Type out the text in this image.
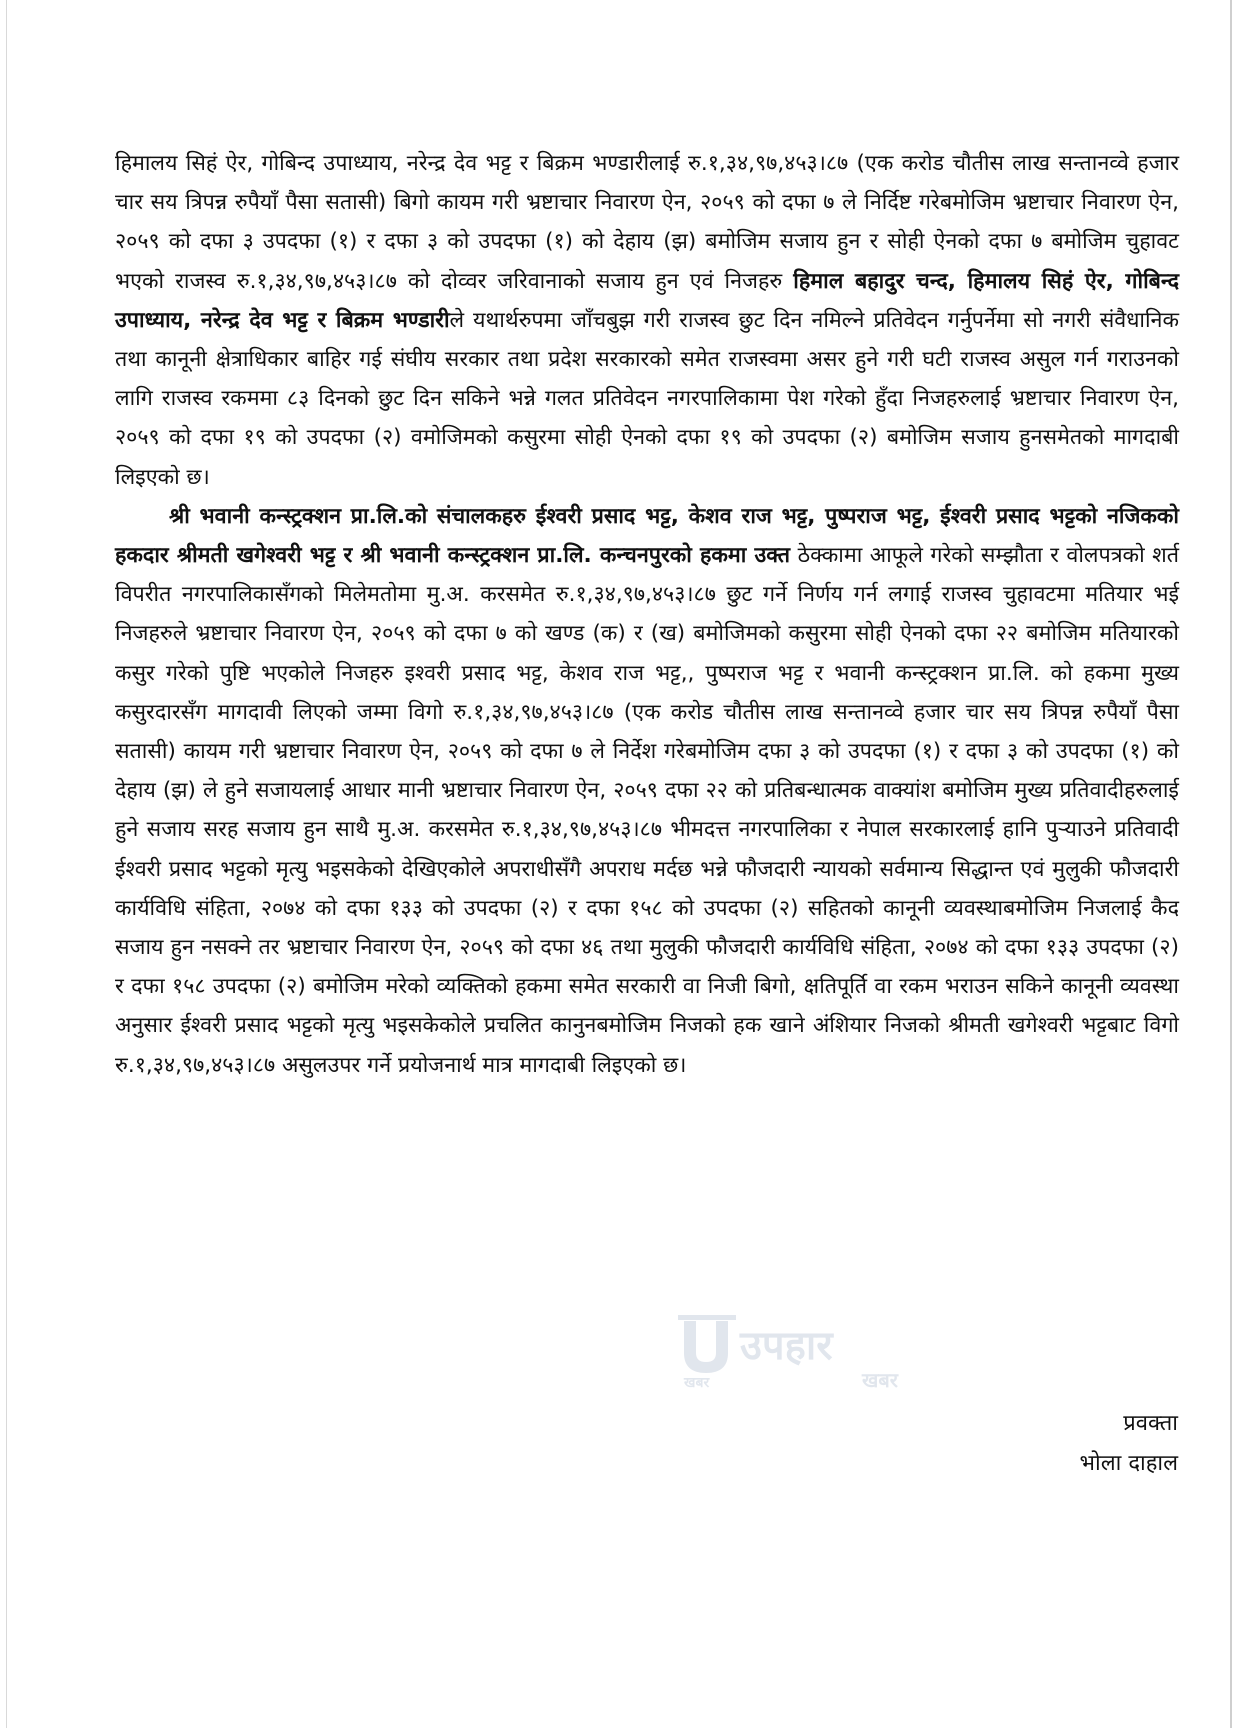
हिमालय सिहं ऐर, गोबिन्द उपाध्याय, नरेन्द्र देव भट्ट र बिक्रम भण्डारीलाई रु.१,३४,९७,४५३।८७ (एक करोड चौतीस लाख सन्तानव्वे हजार चार सय त्रिपन्न रुपैयाँ पैसा सतासी) बिगो कायम गरी भ्रष्टाचार निवारण ऐन, २०५९ को दफा ७ ले निर्दिष्ट गरेबमोजिम भ्रष्टाचार निवारण ऐन, २०५९ को दफा ३ उपदफा (१) र दफा ३ को उपदफा (१) को देहाय (झ) बमोजिम सजाय हुन र सोही ऐनको दफा ७ बमोजिम चुहावट भएको राजस्व रु.१,३४,९७,४५३।८७ को दोव्वर जरिवानाको सजाय हुन एवं निजहरु हिमाल बहादुर चन्द, हिमालय सिहं ऐर, गोबिन्द उपाध्याय, नरेन्द्र देव भट्ट र बिक्रम भण्डारीले यथार्थरुपमा जाँचबुझ गरी राजस्व छुट दिन नमिल्ने प्रतिवेदन गर्नुपर्नेमा सो नगरी संवैधानिक तथा कानूनी क्षेत्राधिकार बाहिर गई संघीय सरकार तथा प्रदेश सरकारको समेत राजस्वमा असर हुने गरी घटी राजस्व असुल गर्न गराउनको लागि राजस्व रकममा ८३ दिनको छुट दिन सकिने भन्ने गलत प्रतिवेदन नगरपालिकामा पेश गरेको हुँदा निजहरुलाई भ्रष्टाचार निवारण ऐन, २०५९ को दफा १९ को उपदफा (२) वमोजिमको कसुरमा सोही ऐनको दफा १९ को उपदफा (२) बमोजिम सजाय हुनसमेतको मागदाबी लिइएको छ।

श्री भवानी कन्स्ट्रक्शन प्रा.लि.को संचालकहरु ईश्वरी प्रसाद भट्ट, केशव राज भट्ट, पुष्पराज भट्ट, ईश्वरी प्रसाद भट्टको नजिकको हकदार श्रीमती खगेश्वरी भट्ट र श्री भवानी कन्स्ट्रक्शन प्रा.लि. कन्चनपुरको हकमा उक्त ठेक्कामा आफूले गरेको सम्झौता र वोलपत्रको शर्त विपरीत नगरपालिकासँगको मिलेमतोमा मु.अ. करसमेत रु.१,३४,९७,४५३।८७ छुट गर्ने निर्णय गर्न लगाई राजस्व चुहावटमा मतियार भई निजहरुले भ्रष्टाचार निवारण ऐन, २०५९ को दफा ७ को खण्ड (क) र (ख) बमोजिमको कसुरमा सोही ऐनको दफा २२ बमोजिम मतियारको कसुर गरेको पुष्टि भएकोले निजहरु इश्वरी प्रसाद भट्ट, केशव राज भट्ट,, पुष्पराज भट्ट र भवानी कन्स्ट्रक्शन प्रा.लि. को हकमा मुख्य कसुरदारसँग मागदावी लिएको जम्मा विगो रु.१,३४,९७,४५३।८७ (एक करोड चौतीस लाख सन्तानव्वे हजार चार सय त्रिपन्न रुपैयाँ पैसा सतासी) कायम गरी भ्रष्टाचार निवारण ऐन, २०५९ को दफा ७ ले निर्देश गरेबमोजिम दफा ३ को उपदफा (१) र दफा ३ को उपदफा (१) को देहाय (झ) ले हुने सजायलाई आधार मानी भ्रष्टाचार निवारण ऐन, २०५९ दफा २२ को प्रतिबन्धात्मक वाक्यांश बमोजिम मुख्य प्रतिवादीहरुलाई हुने सजाय सरह सजाय हुन साथै मु.अ. करसमेत रु.१,३४,९७,४५३।८७ भीमदत्त नगरपालिका र नेपाल सरकारलाई हानि पुर्‍याउने प्रतिवादी ईश्वरी प्रसाद भट्टको मृत्यु भइसकेको देखिएकोले अपराधीसँगै अपराध मर्दछ भन्ने फौजदारी न्यायको सर्वमान्य सिद्धान्त एवं मुलुकी फौजदारी कार्यविधि संहिता, २०७४ को दफा १३३ को उपदफा (२) र दफा १५८ को उपदफा (२) सहितको कानूनी व्यवस्थाबमोजिम निजलाई कैद सजाय हुन नसक्ने तर भ्रष्टाचार निवारण ऐन, २०५९ को दफा ४६ तथा मुलुकी फौजदारी कार्यविधि संहिता, २०७४ को दफा १३३ उपदफा (२) र दफा १५८ उपदफा (२) बमोजिम मरेको व्यक्तिको हकमा समेत सरकारी वा निजी बिगो, क्षतिपूर्ति वा रकम भराउन सकिने कानूनी व्यवस्था अनुसार ईश्वरी प्रसाद भट्टको मृत्यु भइसकेकोले प्रचलित कानुनबमोजिम निजको हक खाने अंशियार निजको श्रीमती खगेश्वरी भट्टबाट विगो रु.१,३४,९७,४५३।८७ असुलउपर गर्ने प्रयोजनार्थ मात्र मागदाबी लिइएको छ।

उपहार
खबर	खबर
प्रवक्ता
भोला दाहाल
